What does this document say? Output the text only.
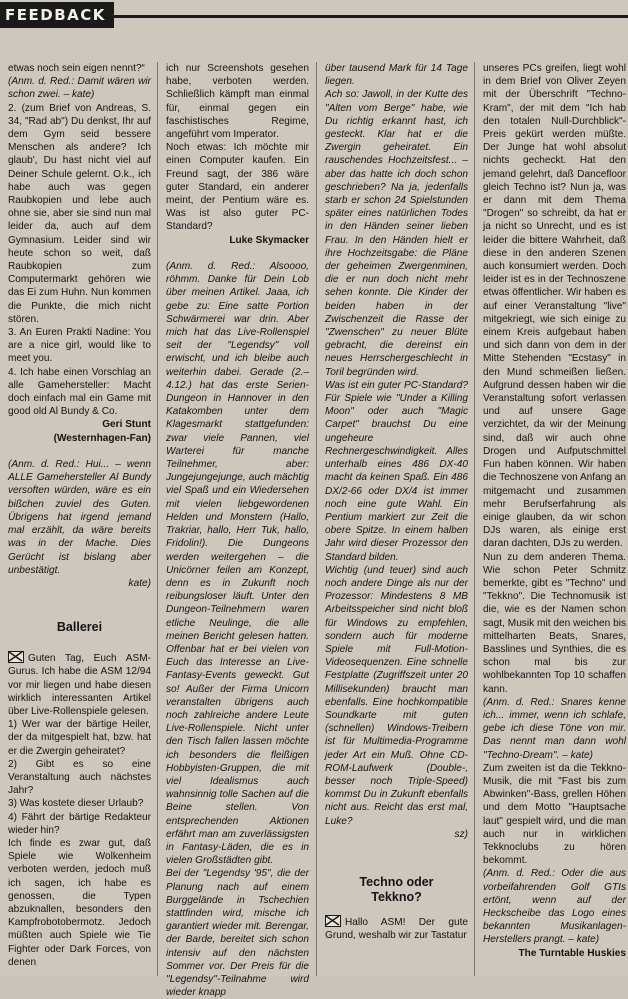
FEEDBACK

etwas noch sein eigen nennt?“

(Anm. d. Red.: Damit wären wir schon zwei. – kate)

2. (zum Brief von Andreas, S. 34, "Rad ab") Du denkst, Ihr auf dem Gym seid bessere Menschen als andere? Ich glaub', Du hast nicht viel auf Deiner Schule gelernt. O.k., ich habe auch was gegen Raubkopien und lebe auch ohne sie, aber sie sind nun mal leider da, auch auf dem Gymnasium. Leider sind wir heute schon so weit, daß Raubkopien zum Computermarkt gehören wie das Ei zum Huhn. Nun kommen die Punkte, die mich nicht stören.

3. An Euren Prakti Nadine: You are a nice girl, would like to meet you.

4. Ich habe einen Vorschlag an alle Gamehersteller: Macht doch einfach mal ein Game mit good old Al Bundy & Co.

Geri Stunt

(Westernhagen-Fan)

(Anm. d. Red.: Hui... – wenn ALLE Gamehersteller Al Bundy versoften würden, wäre es ein bißchen zuviel des Guten. Übrigens hat irgend jemand mal erzählt, da wäre bereits was in der Mache. Dies Gerücht ist bislang aber unbestätigt.

kate)

Ballerei

Guten Tag, Euch ASM-Gurus. Ich habe die ASM 12/94 vor mir liegen und habe diesen wirklich interessanten Artikel über Live-Rollenspiele gelesen.

1) Wer war der bärtige Heiler, der da mitgespielt hat, bzw. hat er die Zwergin geheiratet?

2) Gibt es so eine Veranstaltung auch nächstes Jahr?

3) Was kostete dieser Urlaub?

4) Fährt der bärtige Redakteur wieder hin?

Ich finde es zwar gut, daß Spiele wie Wolkenheim verboten werden, jedoch muß ich sagen, ich habe es genossen, die Typen abzuknallen, besonders den Kampfrobotobermotz. Jedoch müßten auch Spiele wie Tie Fighter oder Dark Forces, von denen

ich nur Screenshots gesehen habe, verboten werden. Schließlich kämpft man einmal für, einmal gegen ein faschistisches Regime, angeführt vom Imperator.

Noch etwas: Ich möchte mir einen Computer kaufen. Ein Freund sagt, der 386 wäre guter Standard, ein anderer meint, der Pentium wäre es. Was ist also guter PC-Standard?

Luke Skymacker

(Anm. d. Red.: Alsoooo, röhmm. Danke für Dein Lob über meinen Artikel. Jaaa, ich gebe zu: Eine satte Portion Schwärmerei war drin. Aber mich hat das Live-Rollenspiel seit der "Legendsy" voll erwischt, und ich bleibe auch weiterhin dabei. Gerade (2.–4.12.) hat das erste Serien-Dungeon in Hannover in den Katakomben unter dem Klagesmarkt stattgefunden: zwar viele Pannen, viel Warterei für manche Teilnehmer, aber: Jungejungejunge, auch mächtig viel Spaß und ein Wiedersehen mit vielen liebgewordenen Helden und Monstern (Hallo, Trakriar, hallo, Herr Tuk, hallo, Fridolin!). Die Dungeons werden weitergehen – die Unicörner feilen am Konzept, denn es in Zukunft noch reibungsloser läuft. Unter den Dungeon-Teilnehmern waren etliche Neulinge, die alle meinen Bericht gelesen hatten. Offenbar hat er bei vielen von Euch das Interesse an Live-Fantasy-Events geweckt. Gut so! Außer der Firma Unicorn veranstalten übrigens auch noch zahlreiche andere Leute Live-Rollenspiele. Nicht unter den Tisch fallen lassen möchte ich besonders die fleißigen Hobbyisten-Gruppen, die mit viel Idealismus auch wahnsinnig tolle Sachen auf die Beine stellen. Von entsprechenden Aktionen erfährt man am zuverlässigsten in Fantasy-Läden, die es in vielen Großstädten gibt.

Bei der "Legendsy '95", die der Planung nach auf einem Burggelände in Tschechien stattfinden wird, mische ich garantiert wieder mit. Berengar, der Barde, bereitet sich schon intensiv auf den nächsten Sommer vor. Der Preis für die "Legendsy"-Teilnahme wird wieder knapp

über tausend Mark für 14 Tage liegen.

Ach so: Jawoll, in der Kutte des "Alten vom Berge" habe, wie Du richtig erkannt hast, ich gesteckt. Klar hat er die Zwergin geheiratet. Ein rauschendes Hochzeitsfest... – aber das hatte ich doch schon geschrieben? Na ja, jedenfalls starb er schon 24 Spielstunden später eines natürlichen Todes in den Händen seiner lieben Frau. In den Händen hielt er ihre Hochzeitsgabe: die Pläne der geheimen Zwergenminen, die er nun doch nicht mehr sehen konnte. Die Kinder der beiden haben in der Zwischenzeit die Rasse der "Zwenschen" zu neuer Blüte gebracht, die dereinst ein neues Herrschergeschlecht in Toril begründen wird.

Was ist ein guter PC-Standard? Für Spiele wie "Under a Killing Moon" oder auch "Magic Carpet" brauchst Du eine ungeheure Rechnergeschwindigkeit. Alles unterhalb eines 486 DX-40 macht da keinen Spaß. Ein 486 DX/2-66 oder DX/4 ist immer noch eine gute Wahl. Ein Pentium markiert zur Zeit die obere Spitze. In einem halben Jahr wird dieser Prozessor den Standard bilden.

Wichtig (und teuer) sind auch noch andere Dinge als nur der Prozessor: Mindestens 8 MB Arbeitsspeicher sind nicht bloß für Windows zu empfehlen, sondern auch für moderne Spiele mit Full-Motion-Videosequenzen. Eine schnelle Festplatte (Zugriffszeit unter 20 Millisekunden) braucht man ebenfalls. Eine hochkompatible Soundkarte mit guten (schnellen) Windows-Treibern ist für Multimedia-Programme jeder Art ein Muß. Ohne CD-ROM-Laufwerk (Double-, besser noch Triple-Speed) kommst Du in Zukunft ebenfalls nicht aus. Reicht das erst mal, Luke?

sz)

Techno oder

Tekkno?

Hallo ASM! Der gute Grund, weshalb wir zur Tastatur

unseres PCs greifen, liegt wohl in dem Brief von Oliver Zeyen mit der Überschrift "Techno-Kram", der mit dem "Ich hab den totalen Null-Durchblick"-Preis gekürt werden müßte. Der Junge hat wohl absolut nichts gecheckt. Hat den jemand gelehrt, daß Dancefloor gleich Techno ist? Nun ja, was er dann mit dem Thema "Drogen" so schreibt, da hat er ja nicht so Unrecht, und es ist leider die bittere Wahrheit, daß diese in den anderen Szenen auch konsumiert werden. Doch leider ist es in der Technoszene etwas öffentlicher. Wir haben es auf einer Veranstaltung "live" mitgekriegt, wie sich einige zu einem Kreis aufgebaut haben und sich dann von dem in der Mitte Stehenden "Ecstasy" in den Mund schmeißen ließen. Aufgrund dessen haben wir die Veranstaltung sofort verlassen und auf unsere Gage verzichtet, da wir der Meinung sind, daß wir auch ohne Drogen und Aufputschmittel Fun haben können. Wir haben die Technoszene von Anfang an mitgemacht und zusammen mehr Berufserfahrung als einige glauben, da wir schon DJs waren, als einige erst daran dachten, DJs zu werden.

Nun zu dem anderen Thema. Wie schon Peter Schmitz bemerkte, gibt es "Techno" und "Tekkno". Die Technomusik ist die, wie es der Namen schon sagt, Musik mit den weichen bis mittelharten Beats, Snares, Basslines und Synthies, die es schon mal bis zur wohlbekannten Top 10 schaffen kann.

(Anm. d. Red.: Snares kenne ich... immer, wenn ich schlafe, gebe ich diese Töne von mir. Das nennt man dann wohl "Techno-Dream". – kate)

Zum zweiten ist da die Tekkno-Musik, die mit "Fast bis zum Abwinken"-Bass, grellen Höhen und dem Motto "Hauptsache laut" gespielt wird, und die man auch nur in wirklichen Tekknoclubs zu hören bekommt.

(Anm. d. Red.: Oder die aus vorbeifahrenden Golf GTIs ertönt, wenn auf der Heckscheibe das Logo eines bekannten Musikanlagen-Herstellers prangt. – kate)

The Turntable Huskies
